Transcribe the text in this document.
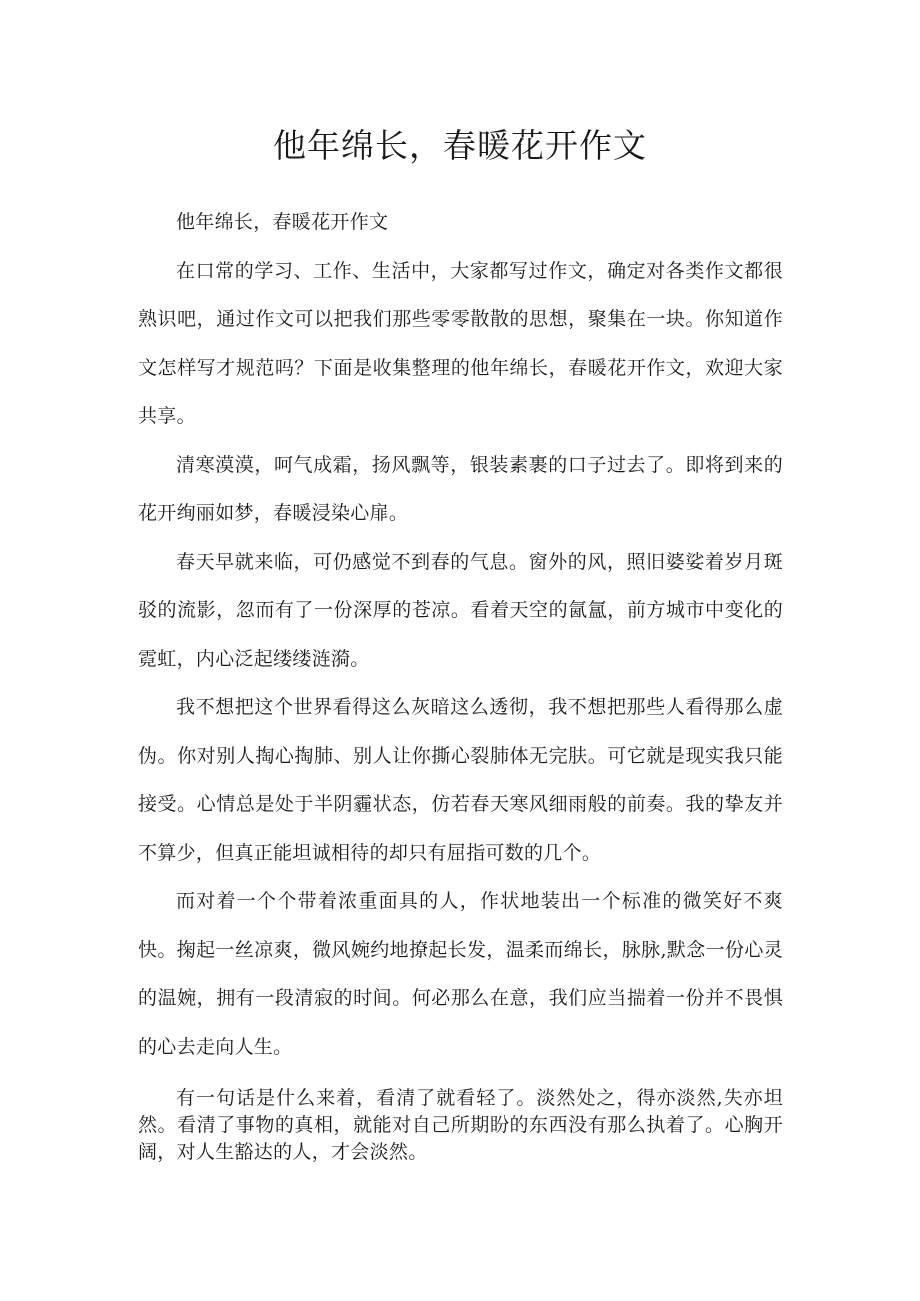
他年绵长，春暖花开作文

他年绵长，春暖花开作文

在口常的学习、工作、生活中，大家都写过作文，确定对各类作文都很熟识吧，通过作文可以把我们那些零零散散的思想，聚集在一块。你知道作文怎样写才规范吗？下面是收集整理的他年绵长，春暖花开作文，欢迎大家共享。

清寒漠漠，呵气成霜，扬风飘等，银装素裹的口子过去了。即将到来的花开绚丽如梦，春暖浸染心扉。

春天早就来临，可仍感觉不到春的气息。窗外的风，照旧婆娑着岁月斑驳的流影，忽而有了一份深厚的苍凉。看着天空的氤氲，前方城市中变化的霓虹，内心泛起缕缕涟漪。

我不想把这个世界看得这么灰暗这么透彻，我不想把那些人看得那么虚伪。你对别人掏心掏肺、别人让你撕心裂肺体无完肤。可它就是现实我只能接受。心情总是处于半阴霾状态，仿若春天寒风细雨般的前奏。我的挚友并不算少，但真正能坦诚相待的却只有屈指可数的几个。

而对着一个个带着浓重面具的人，作状地装出一个标准的微笑好不爽快。掬起一丝凉爽，微风婉约地撩起长发，温柔而绵长，脉脉,默念一份心灵的温婉，拥有一段清寂的时间。何必那么在意，我们应当揣着一份并不畏惧的心去走向人生。

有一句话是什么来着，看清了就看轻了。淡然处之，得亦淡然,失亦坦然。看清了事物的真相，就能对自己所期盼的东西没有那么执着了。心胸开阔，对人生豁达的人，才会淡然。
